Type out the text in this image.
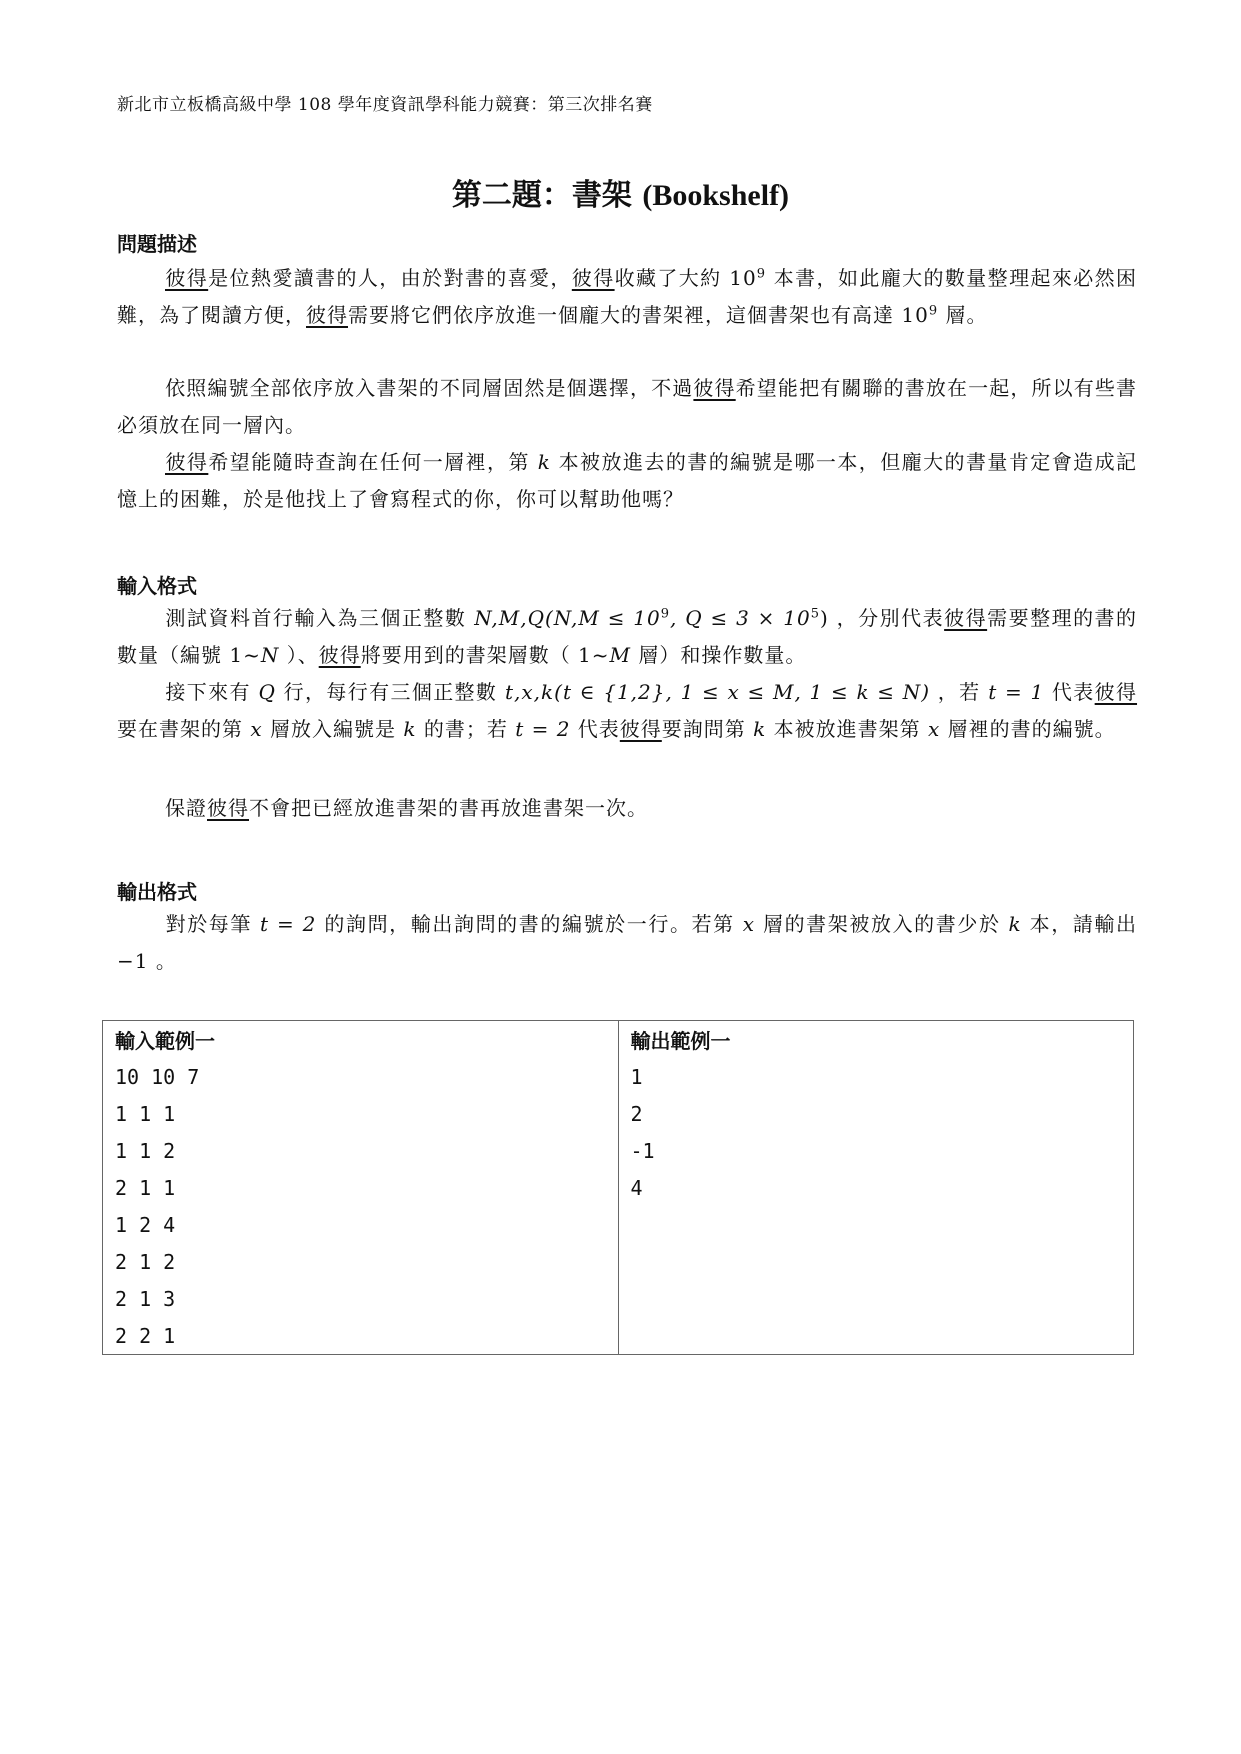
新北市立板橋高級中學 108 學年度資訊學科能力競賽：第三次排名賽
第二題：書架 (Bookshelf)
問題描述
彼得是位熱愛讀書的人，由於對書的喜愛，彼得收藏了大約 $10^9$ 本書，如此龐大的數量整理起來必然困難，為了閱讀方便，彼得需要將它們依序放進一個龐大的書架裡，這個書架也有高達 $10^9$ 層。
依照編號全部依序放入書架的不同層固然是個選擇，不過彼得希望能把有關聯的書放在一起，所以有些書必須放在同一層內。
彼得希望能隨時查詢在任何一層裡，第 k 本被放進去的書的編號是哪一本，但龐大的書量肯定會造成記憶上的困難，於是他找上了會寫程式的你，你可以幫助他嗎？
輸入格式
測試資料首行輸入為三個正整數 $N,M,Q(N,M \le 10^9$, $Q \le 3 \times 10^5$) ，分別代表彼得需要整理的書的數量（編號 1~N ）、彼得將要用到的書架層數（ 1~M 層）和操作數量。
接下來有 Q 行，每行有三個正整數 t,x,k(t ∈ {1,2}, 1 ≤ x ≤ M, 1 ≤ k ≤ N) ，若 t = 1 代表彼得要在書架的第 x 層放入編號是 k 的書；若 t = 2 代表彼得要詢問第 k 本被放進書架第 x 層裡的書的編號。
保證彼得不會把已經放進書架的書再放進書架一次。
輸出格式
對於每筆 t = 2 的詢問，輸出詢問的書的編號於一行。若第 x 層的書架被放入的書少於 k 本，請輸出 −1 。
輸入範例一	輸出範例一
10 10 7	1
1 1 1	2
1 1 2	-1
2 1 1	4
1 2 4	
2 1 2	
2 1 3	
2 2 1	
